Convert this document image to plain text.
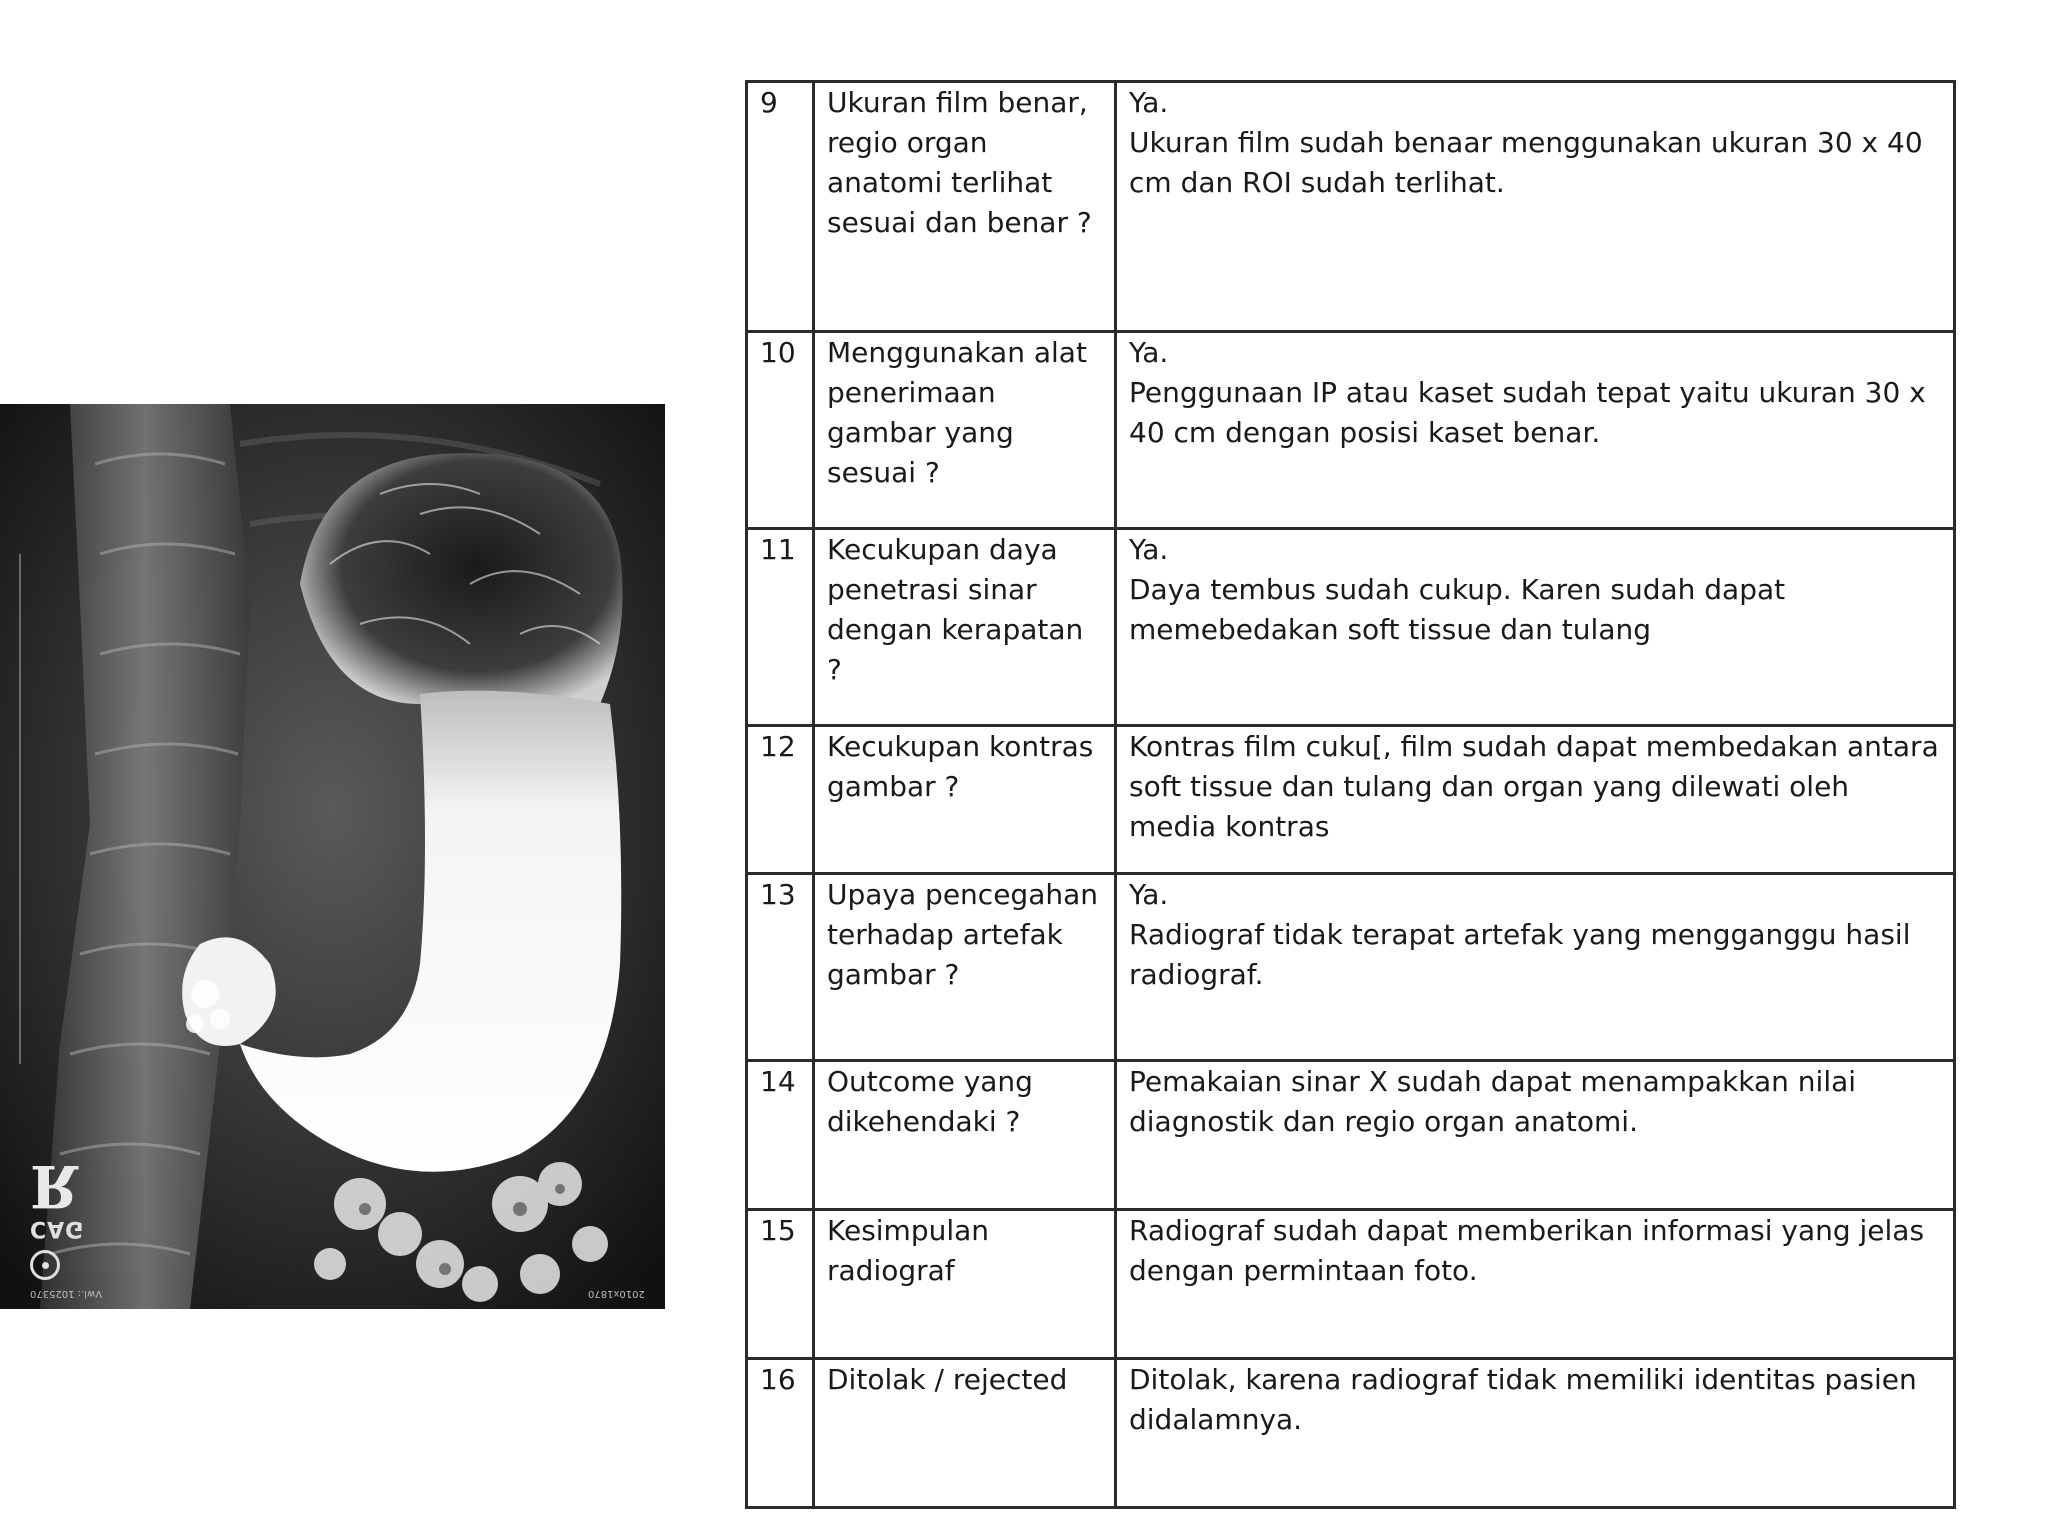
R
CAG
Vwl.: 1025370	2010x1870
9	Ukuran film benar, regio organ anatomi terlihat sesuai dan benar ?	Ya.
Ukuran film sudah benaar menggunakan ukuran 30 x 40 cm dan ROI sudah terlihat.

10	Menggunakan alat penerimaan gambar yang sesuai ?	Ya.
Penggunaan IP atau kaset sudah tepat yaitu ukuran 30 x 40 cm dengan posisi kaset benar.

11	Kecukupan daya penetrasi sinar dengan kerapatan ?	Ya.
Daya tembus sudah cukup. Karen sudah dapat memebedakan soft tissue dan tulang

12	Kecukupan kontras gambar ?	Kontras film cuku[, film sudah dapat membedakan antara soft tissue dan tulang dan organ yang dilewati oleh media kontras

13	Upaya pencegahan terhadap artefak gambar ?	Ya.
Radiograf tidak terapat artefak yang mengganggu hasil radiograf.

14	Outcome yang dikehendaki ?	Pemakaian sinar X sudah dapat menampakkan nilai diagnostik dan regio organ anatomi.

15	Kesimpulan radiograf	Radiograf sudah dapat memberikan informasi yang jelas dengan permintaan foto.

16	Ditolak / rejected	Ditolak, karena radiograf tidak memiliki identitas pasien didalamnya.
